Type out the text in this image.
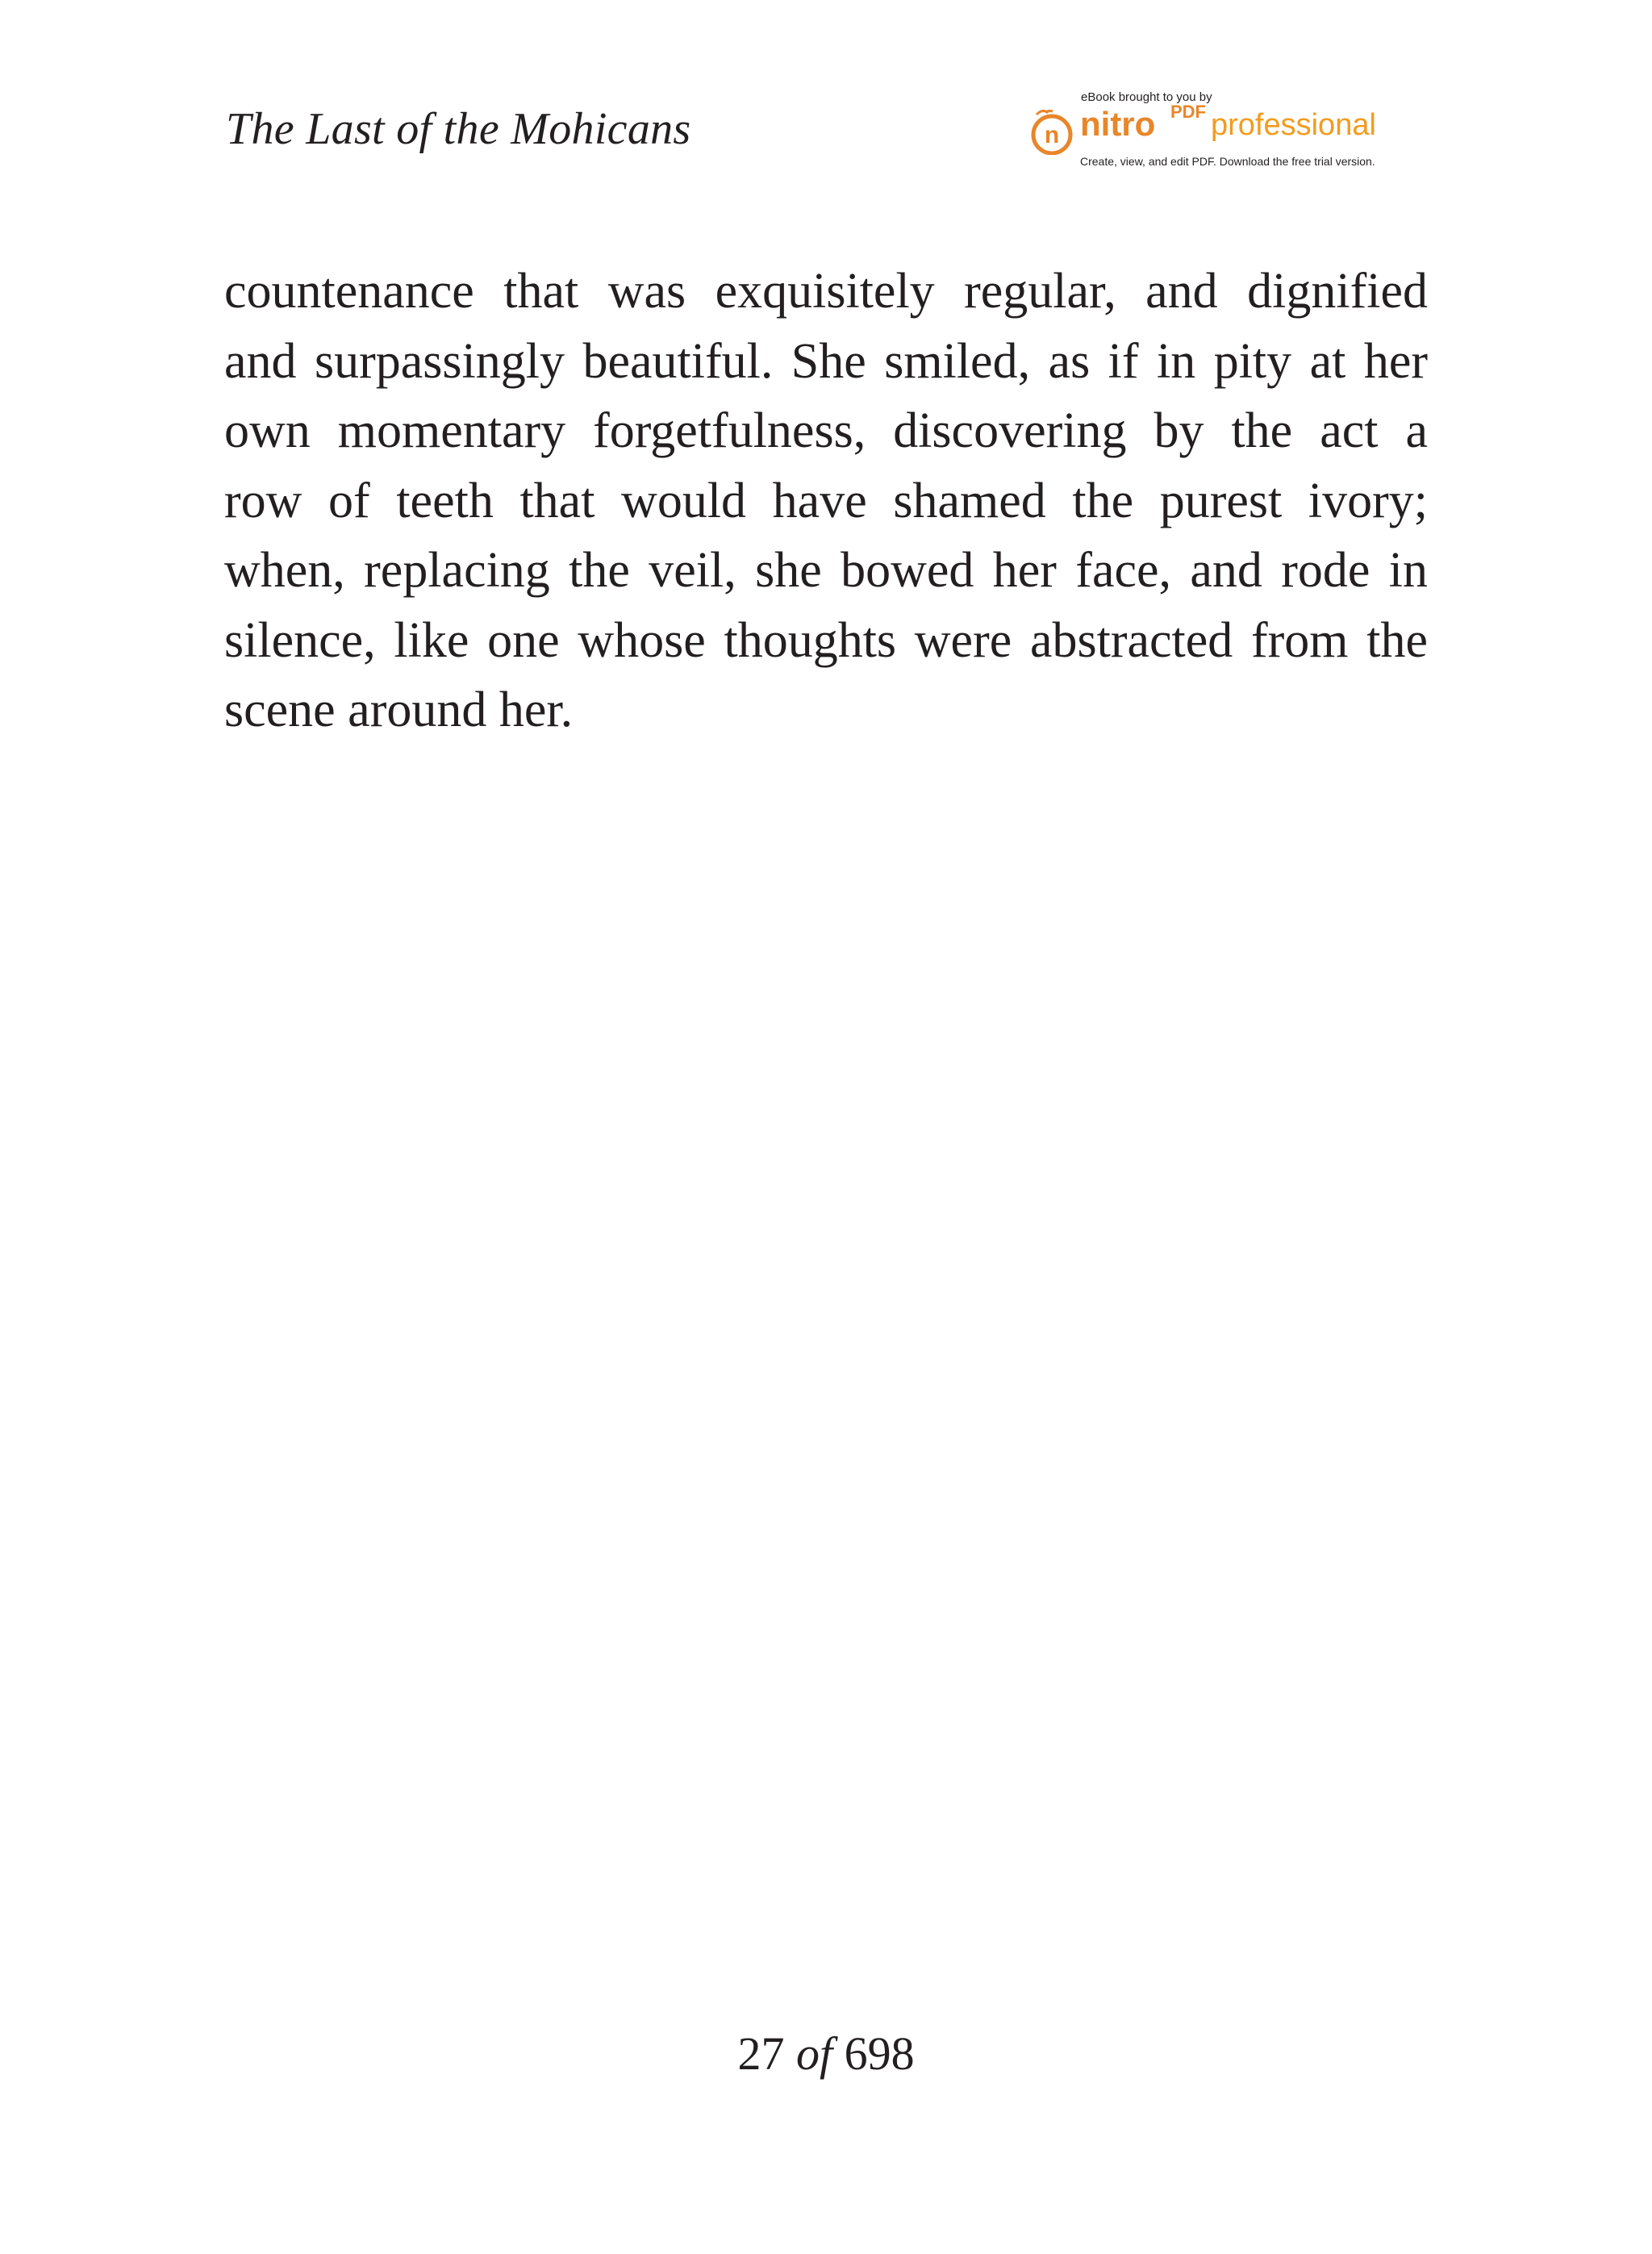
The Last of the Mohicans
eBook brought to you by
n nitro PDF professional
Create, view, and edit PDF. Download the free trial version.
countenance that was exquisitely regular, and dignified
and surpassingly beautiful. She smiled, as if in pity at her
own momentary forgetfulness, discovering by the act a
row of teeth that would have shamed the purest ivory;
when, replacing the veil, she bowed her face, and rode in
silence, like one whose thoughts were abstracted from the
scene around her.
27 of 698
